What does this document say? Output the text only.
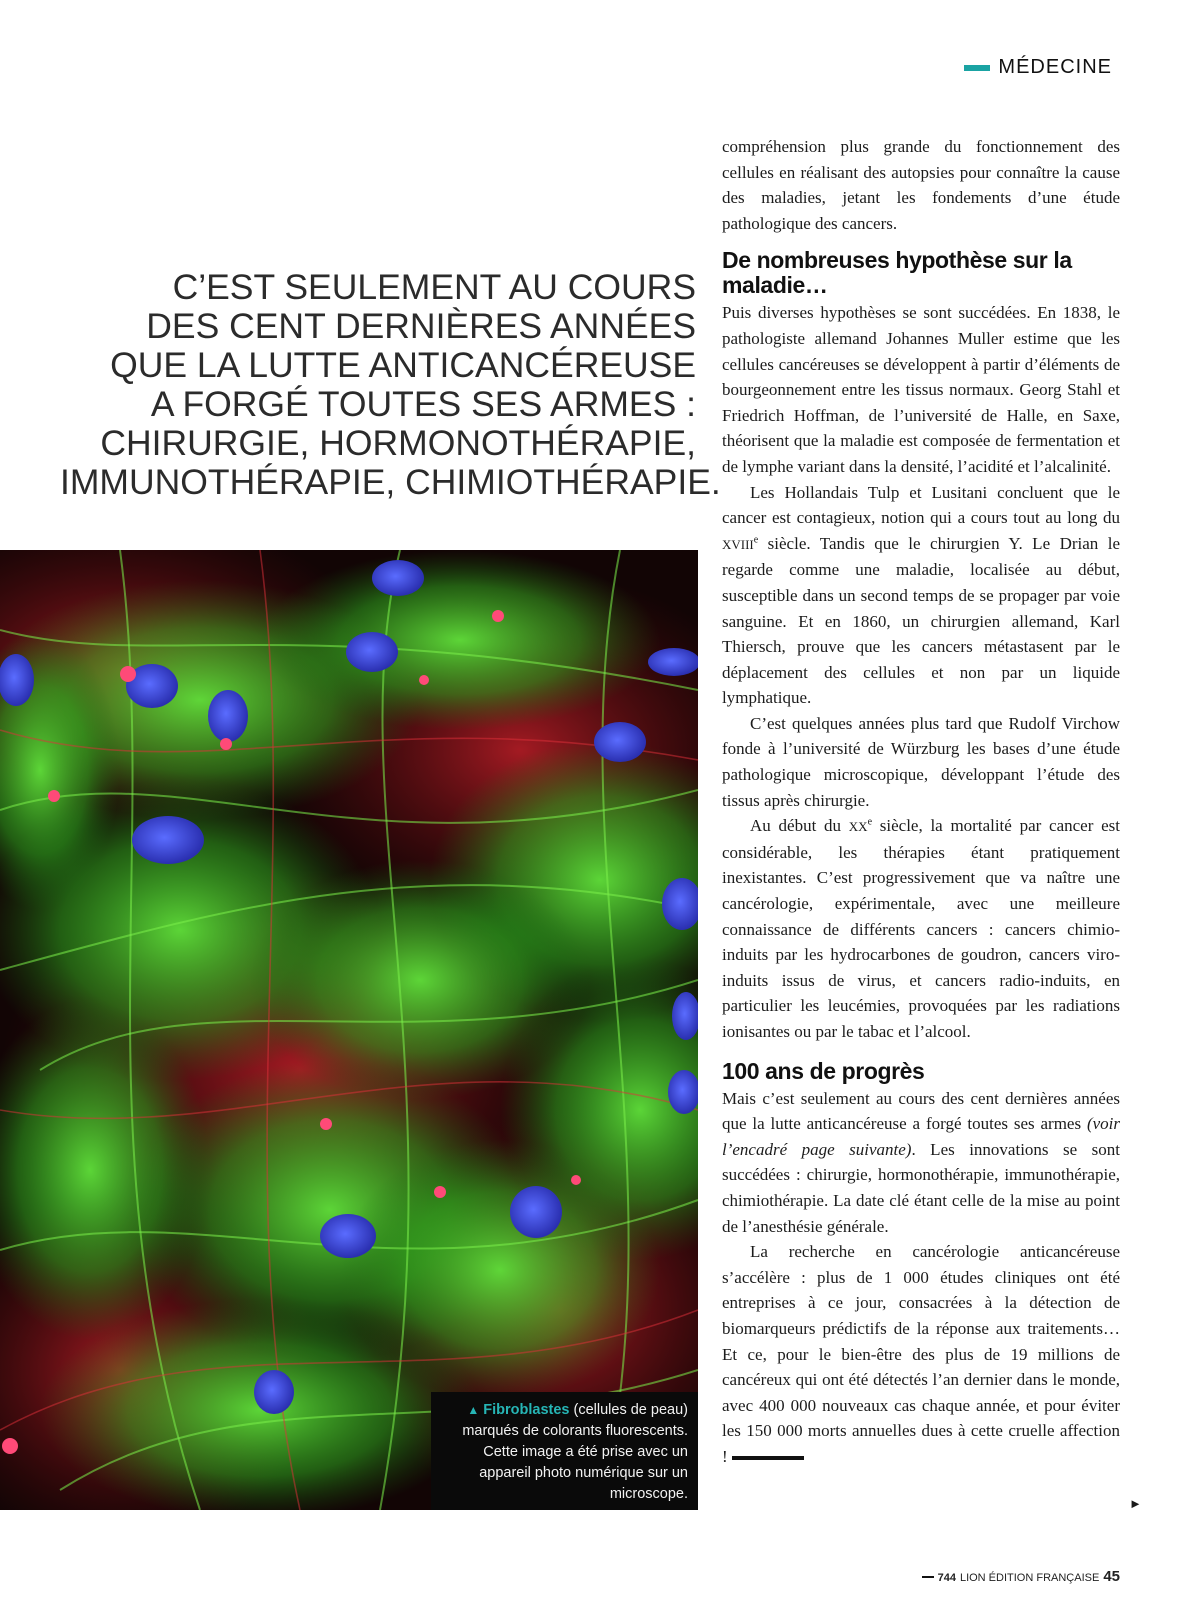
MÉDECINE
C’EST SEULEMENT AU COURS
DES CENT DERNIÈRES ANNÉES
QUE LA LUTTE ANTICANCÉREUSE
A FORGÉ TOUTES SES ARMES :
CHIRURGIE, HORMONOTHÉRAPIE,
IMMUNOTHÉRAPIE, CHIMIOTHÉRAPIE.
▲ Fibroblastes (cellules de peau) marqués de colorants fluorescents. Cette image a été prise avec un appareil photo numérique sur un microscope.

compréhension plus grande du fonctionnement des cellules en réalisant des autopsies pour connaître la cause des maladies, jetant les fondements d’une étude pathologique des cancers.

De nombreuses hypothèse sur la maladie…

Puis diverses hypothèses se sont succédées. En 1838, le pathologiste allemand Johannes Muller estime que les cellules cancéreuses se développent à partir d’éléments de bourgeonnement entre les tissus normaux. Georg Stahl et Friedrich Hoffman, de l’université de Halle, en Saxe, théorisent que la maladie est composée de fermentation et de lymphe variant dans la densité, l’acidité et l’alcalinité.

Les Hollandais Tulp et Lusitani concluent que le cancer est contagieux, notion qui a cours tout au long du XVIIIe siècle. Tandis que le chirurgien Y. Le Drian le regarde comme une maladie, localisée au début, susceptible dans un second temps de se propager par voie sanguine. Et en 1860, un chirurgien allemand, Karl Thiersch, prouve que les cancers métastasent par le déplacement des cellules et non par un liquide lymphatique.

C’est quelques années plus tard que Rudolf Virchow fonde à l’université de Würzburg les bases d’une étude pathologique microscopique, développant l’étude des tissus après chirurgie.

Au début du XXe siècle, la mortalité par cancer est considérable, les thérapies étant pratiquement inexistantes. C’est progressivement que va naître une cancérologie, expérimentale, avec une meilleure connaissance de différents cancers : cancers chimio-induits par les hydrocarbones de goudron, cancers viro-induits issus de virus, et cancers radio-induits, en particulier les leucémies, provoquées par les radiations ionisantes ou par le tabac et l’alcool.

100 ans de progrès

Mais c’est seulement au cours des cent dernières années que la lutte anticancéreuse a forgé toutes ses armes (voir l’encadré page suivante). Les innovations se sont succédées : chirurgie, hormonothérapie, immunothérapie, chimiothérapie. La date clé étant celle de la mise au point de l’anesthésie générale.

La recherche en cancérologie anticancéreuse s’accélère : plus de 1 000 études cliniques ont été entreprises à ce jour, consacrées à la détection de biomarqueurs prédictifs de la réponse aux traitements… Et ce, pour le bien-être des plus de 19 millions de cancéreux qui ont été détectés l’an dernier dans le monde, avec 400 000 nouveaux cas chaque année, et pour éviter les 150 000 morts annuelles dues à cette cruelle affection !

►
744 LION ÉDITION FRANÇAISE 45
